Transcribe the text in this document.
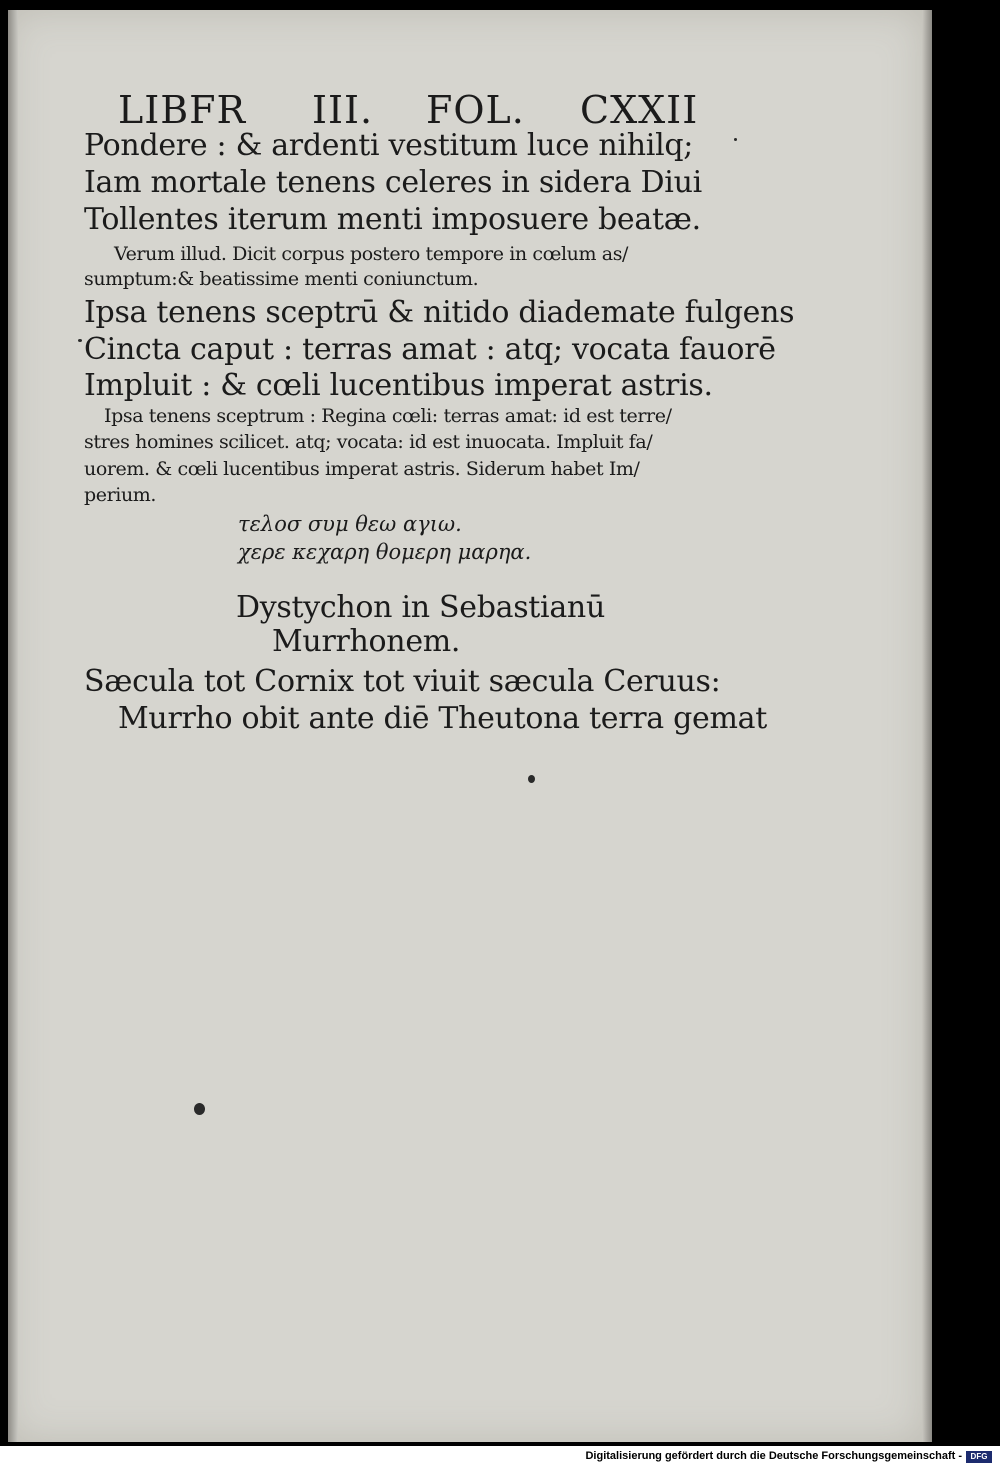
LIBFR III. FOL. CXXII

Pondere : & ardenti vestitum luce nihilq;

Iam mortale tenens celeres in sidera Diui

Tollentes iterum menti imposuere beatæ.

Verum illud. Dicit corpus postero tempore in cœlum as/

sumptum:& beatissime menti coniunctum.

Ipsa tenens sceptrū & nitido diademate fulgens

Cincta caput : terras amat : atq; vocata fauorē

Impluit : & cœli lucentibus imperat astris.

Ipsa tenens sceptrum : Regina cœli: terras amat: id est terre/

stres homines scilicet. atq; vocata: id est inuocata. Impluit fa/

uorem. & cœli lucentibus imperat astris. Siderum habet Im/

perium.

τελοσ συμ θεω αγιω.

χερε κεχαρη θομερη μαρηα.

Dystychon in Sebastianū

Murrhonem.

Sæcula tot Cornix tot viuit sæcula Ceruus:

Murrho obit ante diē Theutona terra gemat

Digitalisierung gefördert durch die Deutsche Forschungsgemeinschaft -	DFG
